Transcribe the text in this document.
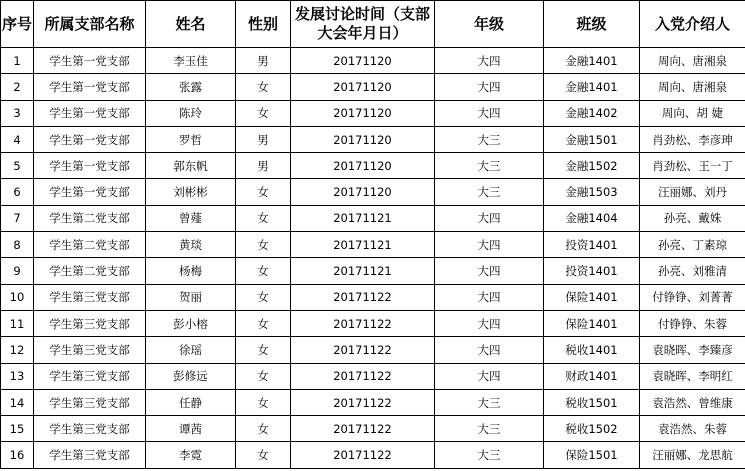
序号	所属支部名称	姓名	性别	发展讨论时间（支部大会年月日）	年级	班级	入党介绍人
1	学生第一党支部	李玉佳	男	20171120	大四	金融1401	周向、唐湘泉
2	学生第一党支部	张露	女	20171120	大四	金融1401	周向、唐湘泉
3	学生第一党支部	陈玲	女	20171120	大四	金融1402	周向、胡 婕
4	学生第一党支部	罗哲	男	20171120	大三	金融1501	肖劲松、李彦珅
5	学生第一党支部	郭东帆	男	20171120	大三	金融1502	肖劲松、王一丁
6	学生第一党支部	刘彬彬	女	20171120	大三	金融1503	汪丽娜、刘丹
7	学生第二党支部	曾薤	女	20171121	大四	金融1404	孙亮、戴姝
8	学生第二党支部	黄琰	女	20171121	大四	投资1401	孙亮、丁素琼
9	学生第二党支部	杨梅	女	20171121	大四	投资1401	孙亮、刘雅清
10	学生第三党支部	贺丽	女	20171122	大四	保险1401	付铮铮、刘菁菁
11	学生第三党支部	彭小榕	女	20171122	大四	保险1401	付铮铮、朱蓉
12	学生第三党支部	徐瑶	女	20171122	大四	税收1401	袁晓晖、李臻彦
13	学生第三党支部	彭修远	女	20171122	大四	财政1401	袁晓晖、李明红
14	学生第三党支部	任静	女	20171122	大三	税收1501	袁浩然、曾维康
15	学生第三党支部	谭茜	女	20171122	大三	税收1502	袁浩然、朱蓉
16	学生第三党支部	李霓	女	20171122	大三	保险1501	汪丽娜、龙思航
